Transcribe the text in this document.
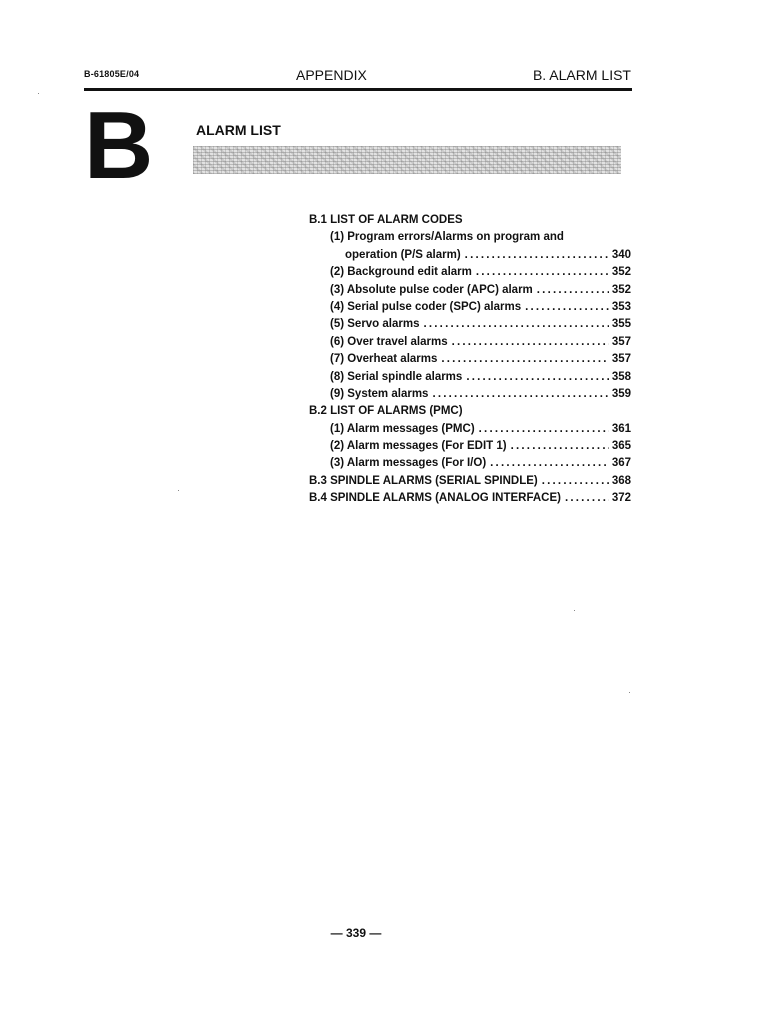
B-61805E/04	APPENDIX	B. ALARM LIST
B	ALARM LIST
B.1 LIST OF ALARM CODES
(1) Program errors/Alarms on program and
operation (P/S alarm) .....	340
(2) Background edit alarm .....	352
(3) Absolute pulse coder (APC) alarm .....	352
(4) Serial pulse coder (SPC) alarms .....	353
(5) Servo alarms .....	355
(6) Over travel alarms .....	357
(7) Overheat alarms .....	357
(8) Serial spindle alarms .....	358
(9) System alarms .....	359
B.2 LIST OF ALARMS (PMC)
(1) Alarm messages (PMC) .....	361
(2) Alarm messages (For EDIT 1) .....	365
(3) Alarm messages (For I/O) .....	367
B.3 SPINDLE ALARMS (SERIAL SPINDLE) .....	368
B.4 SPINDLE ALARMS (ANALOG INTERFACE) .....	372
— 339 —
